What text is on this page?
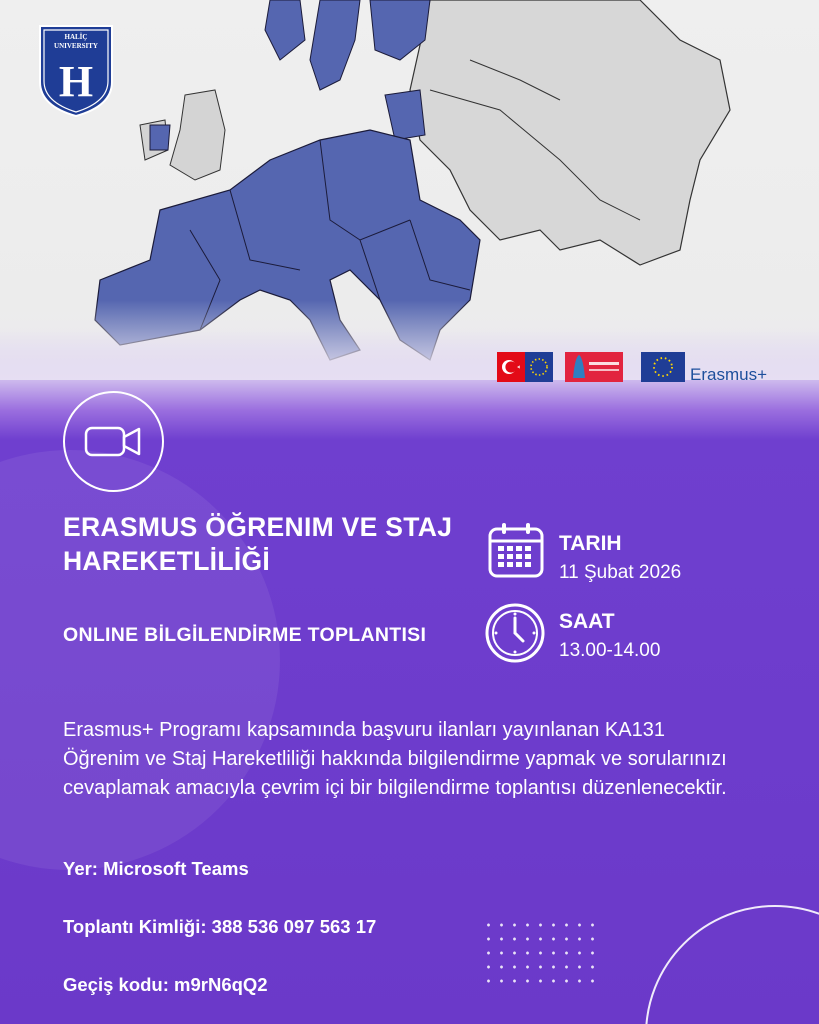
HALİÇ
UNIVERSITY
H
Erasmus+
ERASMUS ÖĞRENIM VE STAJ HAREKETLİLİĞİ
ONLINE BİLGİLENDİRME TOPLANTISI
TARIH
11 Şubat 2026
SAAT
13.00-14.00
Erasmus+ Programı kapsamında başvuru ilanları yayınlanan KA131 Öğrenim ve Staj Hareketliliği hakkında bilgilendirme yapmak ve sorularınızı cevaplamak amacıyla çevrim içi bir bilgilendirme toplantısı düzenlenecektir.
Yer: Microsoft Teams
Toplantı Kimliği: 388 536 097 563 17
Geçiş kodu: m9rN6qQ2
